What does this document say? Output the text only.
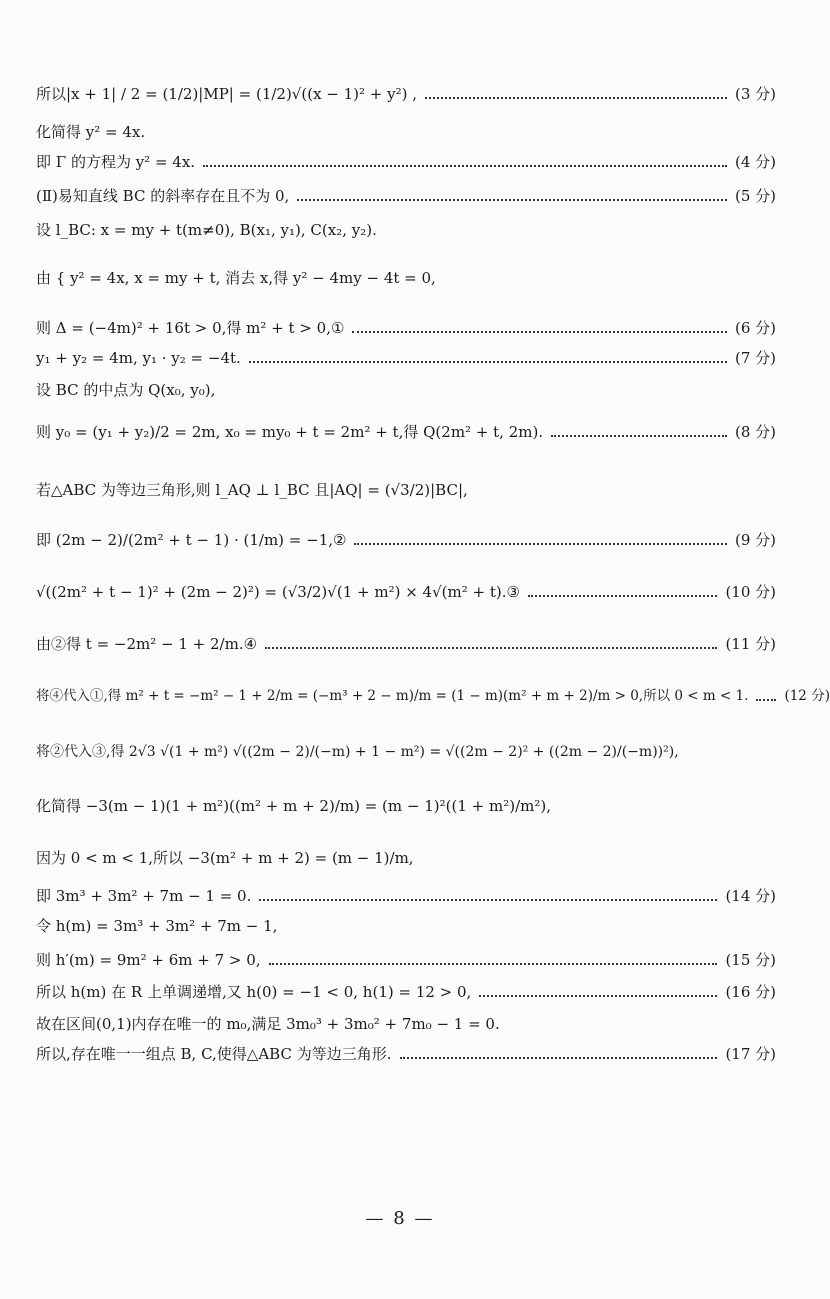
所以|x + 1| / 2 = (1/2)|MP| = (1/2)√((x − 1)² + y²) ,	(3 分)
化简得 y² = 4x.
即 Γ 的方程为 y² = 4x.	(4 分)
(Ⅱ)易知直线 BC 的斜率存在且不为 0,	(5 分)
设 l_BC: x = my + t(m≠0), B(x₁, y₁), C(x₂, y₂).
由 { y² = 4x, x = my + t, 消去 x,得 y² − 4my − 4t = 0,
则 Δ = (−4m)² + 16t > 0,得 m² + t > 0,①	(6 分)
y₁ + y₂ = 4m, y₁ · y₂ = −4t.	(7 分)
设 BC 的中点为 Q(x₀, y₀),
则 y₀ = (y₁ + y₂)/2 = 2m, x₀ = my₀ + t = 2m² + t,得 Q(2m² + t, 2m).	(8 分)
若△ABC 为等边三角形,则 l_AQ ⊥ l_BC 且|AQ| = (√3/2)|BC|,
即 (2m − 2)/(2m² + t − 1) · (1/m) = −1,②	(9 分)
√((2m² + t − 1)² + (2m − 2)²) = (√3/2)√(1 + m²) × 4√(m² + t).③	(10 分)
由②得 t = −2m² − 1 + 2/m.④	(11 分)
将④代入①,得 m² + t = −m² − 1 + 2/m = (−m³ + 2 − m)/m = (1 − m)(m² + m + 2)/m > 0,所以 0 < m < 1.	(12 分)
将②代入③,得 2√3 √(1 + m²) √((2m − 2)/(−m) + 1 − m²) = √((2m − 2)² + ((2m − 2)/(−m))²),
化简得 −3(m − 1)(1 + m²)((m² + m + 2)/m) = (m − 1)²((1 + m²)/m²),
因为 0 < m < 1,所以 −3(m² + m + 2) = (m − 1)/m,
即 3m³ + 3m² + 7m − 1 = 0.	(14 分)
令 h(m) = 3m³ + 3m² + 7m − 1,
则 h′(m) = 9m² + 6m + 7 > 0,	(15 分)
所以 h(m) 在 R 上单调递增,又 h(0) = −1 < 0, h(1) = 12 > 0,	(16 分)
故在区间(0,1)内存在唯一的 m₀,满足 3m₀³ + 3m₀² + 7m₀ − 1 = 0.
所以,存在唯一一组点 B, C,使得△ABC 为等边三角形.	(17 分)
— 8 —
